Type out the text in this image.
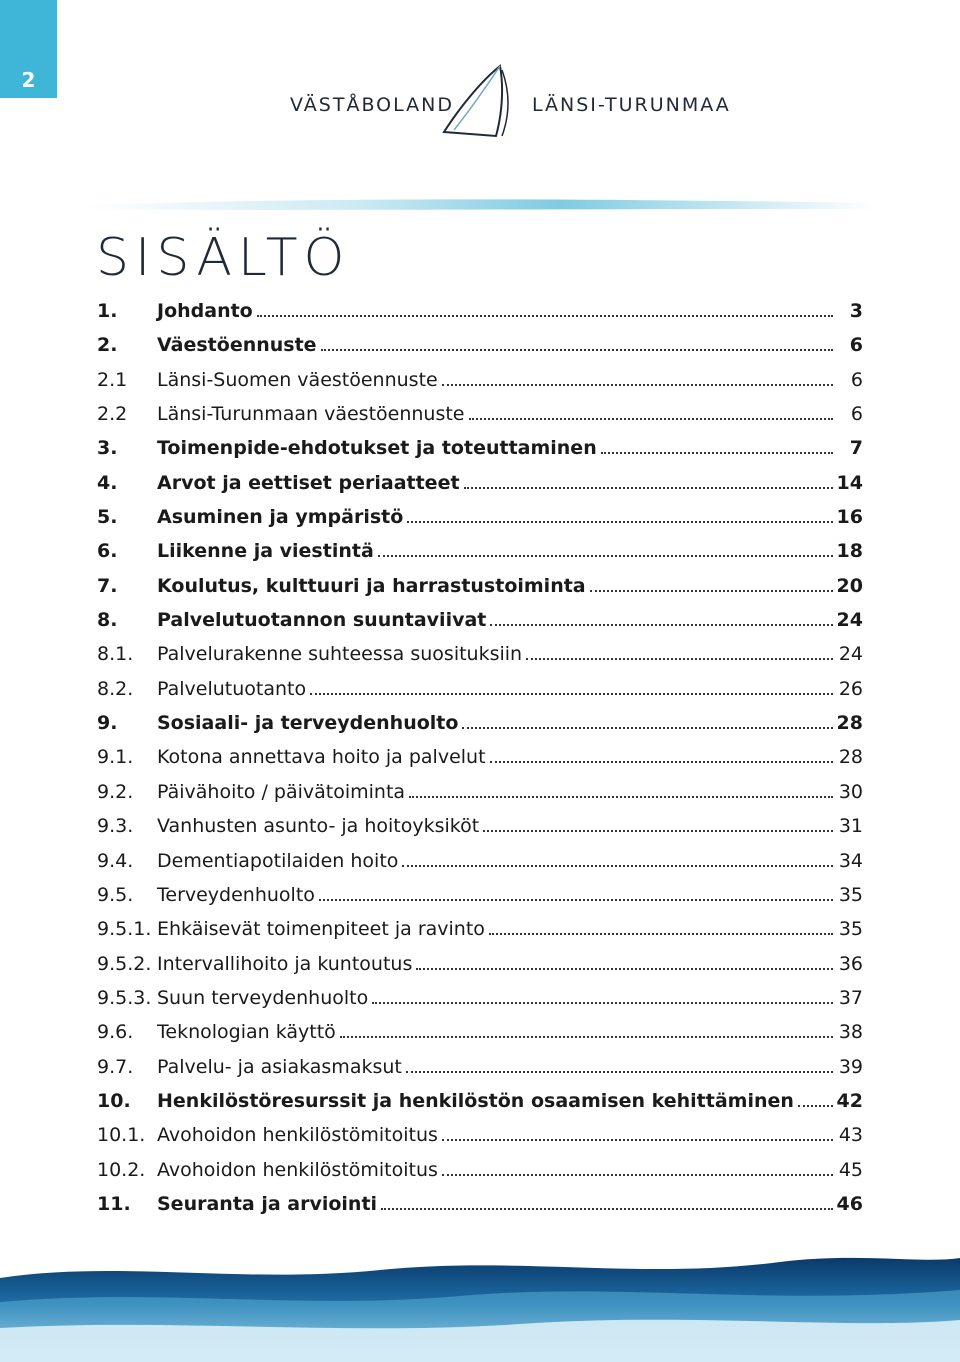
2
VÄSTÅBOLAND	LÄNSI-TURUNMAA
SISÄLTÖ
1.	Johdanto	3
2.	Väestöennuste	6
2.1	Länsi-Suomen väestöennuste	6
2.2	Länsi-Turunmaan väestöennuste	6
3.	Toimenpide-ehdotukset ja toteuttaminen	7
4.	Arvot ja eettiset periaatteet	14
5.	Asuminen ja ympäristö	16
6.	Liikenne ja viestintä	18
7.	Koulutus, kulttuuri ja harrastustoiminta	20
8.	Palvelutuotannon suuntaviivat	24
8.1.	Palvelurakenne suhteessa suosituksiin	24
8.2.	Palvelutuotanto	26
9.	Sosiaali- ja terveydenhuolto	28
9.1.	Kotona annettava hoito ja palvelut	28
9.2.	Päivähoito / päivätoiminta	30
9.3.	Vanhusten asunto- ja hoitoyksiköt	31
9.4.	Dementiapotilaiden hoito	34
9.5.	Terveydenhuolto	35
9.5.1. Ehkäisevät toimenpiteet ja ravinto	35
9.5.2. Intervallihoito ja kuntoutus	36
9.5.3. Suun terveydenhuolto	37
9.6.	Teknologian käyttö	38
9.7.	Palvelu- ja asiakasmaksut	39
10.	Henkilöstöresurssit ja henkilöstön osaamisen kehittäminen 42
10.1. Avohoidon henkilöstömitoitus	43
10.2. Avohoidon henkilöstömitoitus	45
11.	Seuranta ja arviointi	46
